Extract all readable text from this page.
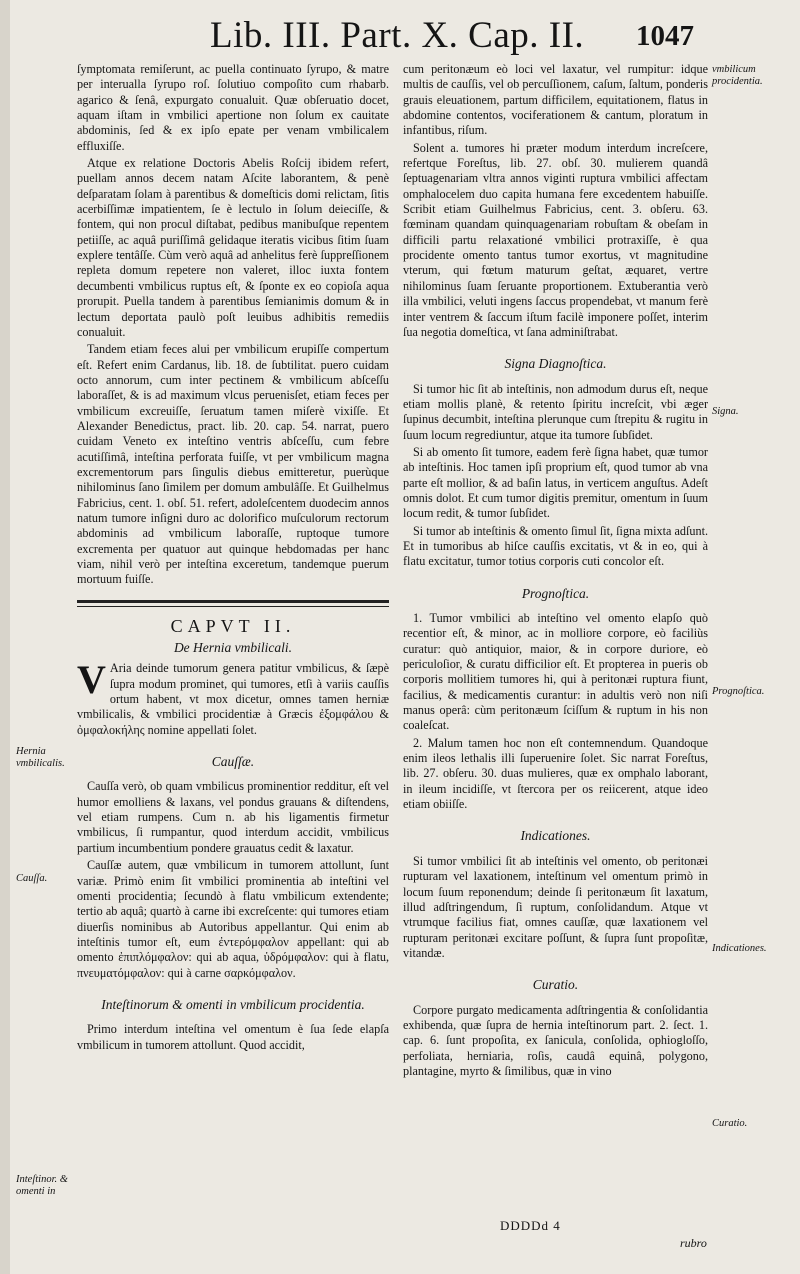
Lib. III. Part. X. Cap. II. 1047

ſymptomata remiſerunt, ac puella continuato ſyrupo, & matre per interualla ſyrupo roſ. ſolutiuo compoſito cum rhabarb. agarico & ſenâ, expurgato conualuit. Quæ obſeruatio docet, aquam iſtam in vmbilici apertione non ſolum ex cauitate abdominis, ſed & ex ipſo epate per venam vmbilicalem effluxiſſe.

Atque ex relatione Doctoris Abelis Roſcij ibidem refert, puellam annos decem natam Aſcite laborantem, & penè deſparatam ſolam à parentibus & domeſticis domi relictam, ſitis acerbiſſimæ impatientem, ſe è lectulo in ſolum deieciſſe, & fontem, qui non procul diſtabat, pedibus manibuſque repentem petiiſſe, ac aquâ puriſſimâ gelidaque iteratis vicibus ſitim ſuam explere tentâſſe. Cùm verò aquâ ad anhelitus ferè ſuppreſſionem repleta domum repetere non valeret, illoc iuxta fontem decumbenti vmbilicus ruptus eſt, & ſponte ex eo copioſa aqua prorupit. Puella tandem à parentibus ſemianimis domum & in lectum deportata paulò poſt leuibus adhibitis remediis conualuit.

Tandem etiam feces alui per vmbilicum erupiſſe compertum eſt. Refert enim Cardanus, lib. 18. de ſubtilitat. puero cuidam octo annorum, cum inter pectinem & vmbilicum abſceſſu laboraſſet, & is ad maximum vlcus peruenisſet, etiam feces per vmbilicum excreuiſſe, ſeruatum tamen miſerè vixiſſe. Et Alexander Benedictus, pract. lib. 20. cap. 54. narrat, puero cuidam Veneto ex inteſtino ventris abſceſſu, cum febre acutiſſimâ, inteſtina perforata fuiſſe, vt per vmbilicum magna excrementorum pars ſingulis diebus emitteretur, puerùque nihilominus ſano ſimilem per domum ambulâſſe. Et Guilhelmus Fabricius, cent. 1. obſ. 51. refert, adoleſcentem duodecim annos natum tumore inſigni duro ac dolorifico muſculorum rectorum abdominis ad vmbilicum laboraſſe, ruptoque tumore excrementa per quatuor aut quinque hebdomadas per hanc viam, nihil verò per inteſtina exceretum, tandemque puerum mortuum fuiſſe.

CAPVT II.
De Hernia vmbilicali.

V Aria deinde tumorum genera patitur vmbilicus, & ſæpè ſupra modum prominet, qui tumores, etſi à variis cauſſis ortum habent, vt mox dicetur, omnes tamen herniæ vmbilicalis, & vmbilici procidentiæ à Græcis ἐξομφάλου & ὀμφαλοκήλης nomine appellati ſolet.

Cauſſæ.

Cauſſa verò, ob quam vmbilicus prominentior redditur, eſt vel humor emolliens & laxans, vel pondus grauans & diſtendens, vel etiam rumpens. Cum n. ab his ligamentis firmetur vmbilicus, ſi rumpantur, quod interdum accidit, vmbilicus partium incumbentium pondere grauatus cedit & laxatur.

Cauſſæ autem, quæ vmbilicum in tumorem attollunt, ſunt variæ. Primò enim ſit vmbilici prominentia ab inteſtini vel omenti procidentia; ſecundò à flatu vmbilicum extendente; tertio ab aquâ; quartò à carne ibi excreſcente: qui tumores etiam diuerſis nominibus ab Autoribus appellantur. Qui enim ab inteſtinis tumor eſt, eum ἐντερόμφαλον appellant: qui ab omento ἐπιπλόμφαλον: qui ab aqua, ὑδρόμφαλον: qui à flatu, πνευματόμφαλον: qui à carne σαρκόμφαλον.

Inteſtinorum & omenti in vmbilicum procidentia.

Primo interdum inteſtina vel omentum è ſua ſede elapſa vmbilicum in tumorem attollunt. Quod accidit,

cum peritonæum eò loci vel laxatur, vel rumpitur: idque multis de cauſſis, vel ob percuſſionem, caſum, ſaltum, ponderis grauis eleuationem, partum difficilem, equitationem, flatus in abdomine contentos, vociferationem & cantum, ploratum in infantibus, riſum.

Solent a. tumores hi præter modum interdum increſcere, refertque Foreſtus, lib. 27. obſ. 30. mulierem quandâ ſeptuagenariam vltra annos viginti ruptura vmbilici affectam omphalocelem duo capita humana fere excedentem habuiſſe. Scribit etiam Guilhelmus Fabricius, cent. 3. obſeru. 63. fœminam quandam quinquagenariam robuſtam & obeſam in difficili partu relaxationé vmbilici protraxiſſe, è qua procidente omento tantus tumor exortus, vt magnitudine vterum, qui fœtum maturum geſtat, æquaret, vertre nihilominus ſuam ſeruante proportionem. Extuberantia verò illa vmbilici, veluti ingens ſaccus propendebat, vt manum ferè inter ventrem & ſaccum iſtum facilè imponere poſſet, interim ſua negotia domeſtica, vt ſana adminiſtrabat.

Signa Diagnoſtica.

Si tumor hic ſit ab inteſtinis, non admodum durus eſt, neque etiam mollis planè, & retento ſpiritu increſcit, vbi æger ſupinus decumbit, inteſtina plerunque cum ſtrepitu & rugitu in ſuum locum regrediuntur, atque ita tumore ſubſidet.

Si ab omento ſit tumore, eadem ferè ſigna habet, quæ tumor ab inteſtinis. Hoc tamen ipſi proprium eſt, quod tumor ab vna parte eſt mollior, & ad baſin latus, in verticem anguſtus. Adeſt omnis dolot. Et cum tumor digitis premitur, omentum in ſuum locum redit, & tumor ſubſidet.

Si tumor ab inteſtinis & omento ſimul ſit, ſigna mixta adſunt. Et in tumoribus ab hiſce cauſſis excitatis, vt & in eo, qui à flatu excitatur, tumor totius corporis cuti concolor eſt.

Prognoſtica.

1. Tumor vmbilici ab inteſtino vel omento elapſo quò recentior eſt, & minor, ac in molliore corpore, eò faciliùs curatur: quò antiquior, maior, & in corpore duriore, eò periculoſior, & curatu difficilior eſt. Et propterea in pueris ob corporis mollitiem tumores hi, qui à peritonæi ruptura fiunt, facilius, & medicamentis curantur: in adultis verò non niſi manus operâ: cùm peritonæum ſciſſum & ruptum in his non coaleſcat.

2. Malum tamen hoc non eſt contemnendum. Quandoque enim ileos lethalis illi ſuperuenire ſolet. Sic narrat Foreſtus, lib. 27. obſeru. 30. duas mulieres, quæ ex omphalo laborant, in ileum incidiſſe, vt ſtercora per os reiicerent, atque ideo etiam obiiſſe.

Indicationes.

Si tumor vmbilici ſit ab inteſtinis vel omento, ob peritonæi rupturam vel laxationem, inteſtinum vel omentum primò in locum ſuum reponendum; deinde ſi peritonæum ſit laxatum, illud adſtringendum, ſi ruptum, conſolidandum. Atque vt vtrumque facilius fiat, omnes cauſſæ, quæ laxationem vel rupturam peritonæi excitare poſſunt, & ſupra ſunt propoſitæ, vitandæ.

Curatio.

Corpore purgato medicamenta adſtringentia & conſolidantia exhibenda, quæ ſupra de hernia inteſtinorum part. 2. ſect. 1. cap. 6. ſunt propoſita, ex ſanicula, conſolida, ophiogloſſo, perfoliata, herniaria, roſis, caudâ equinâ, polygono, plantagine, myrto & ſimilibus, quæ in vino

vmbilicum procidentia.
Signa.
Prognoſtica.
Indicationes.
Curatio.
Hernia vmbilicalis.
Cauſſa.
Inteſtinor. & omenti in
DDDDd 4
rubro
